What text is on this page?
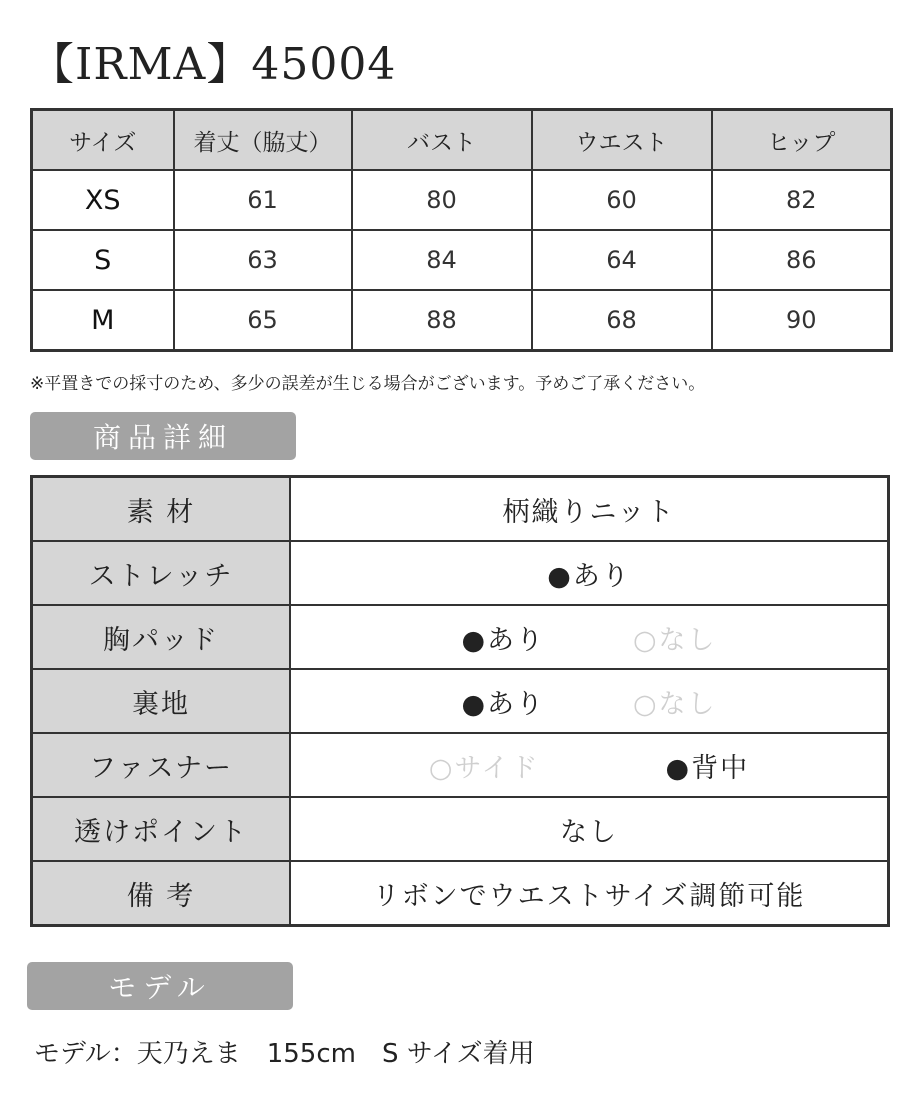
【IRMA】45004
サイズ	着丈（脇丈）	バスト	ウエスト	ヒップ
XS	61	80	60	82
S	63	84	64	86
M	65	88	68	90
※平置きでの採寸のため、多少の誤差が生じる場合がございます。予めご了承ください。
商品詳細
素 材	柄織りニット
ストレッチ	●あり
胸パッド	●あり ○なし
裏地	●あり ○なし
ファスナー	○サイド ●背中
透けポイント	なし
備 考	リボンでウエストサイズ調節可能
モデル
モデル：天乃えま　155cm　S サイズ着用
